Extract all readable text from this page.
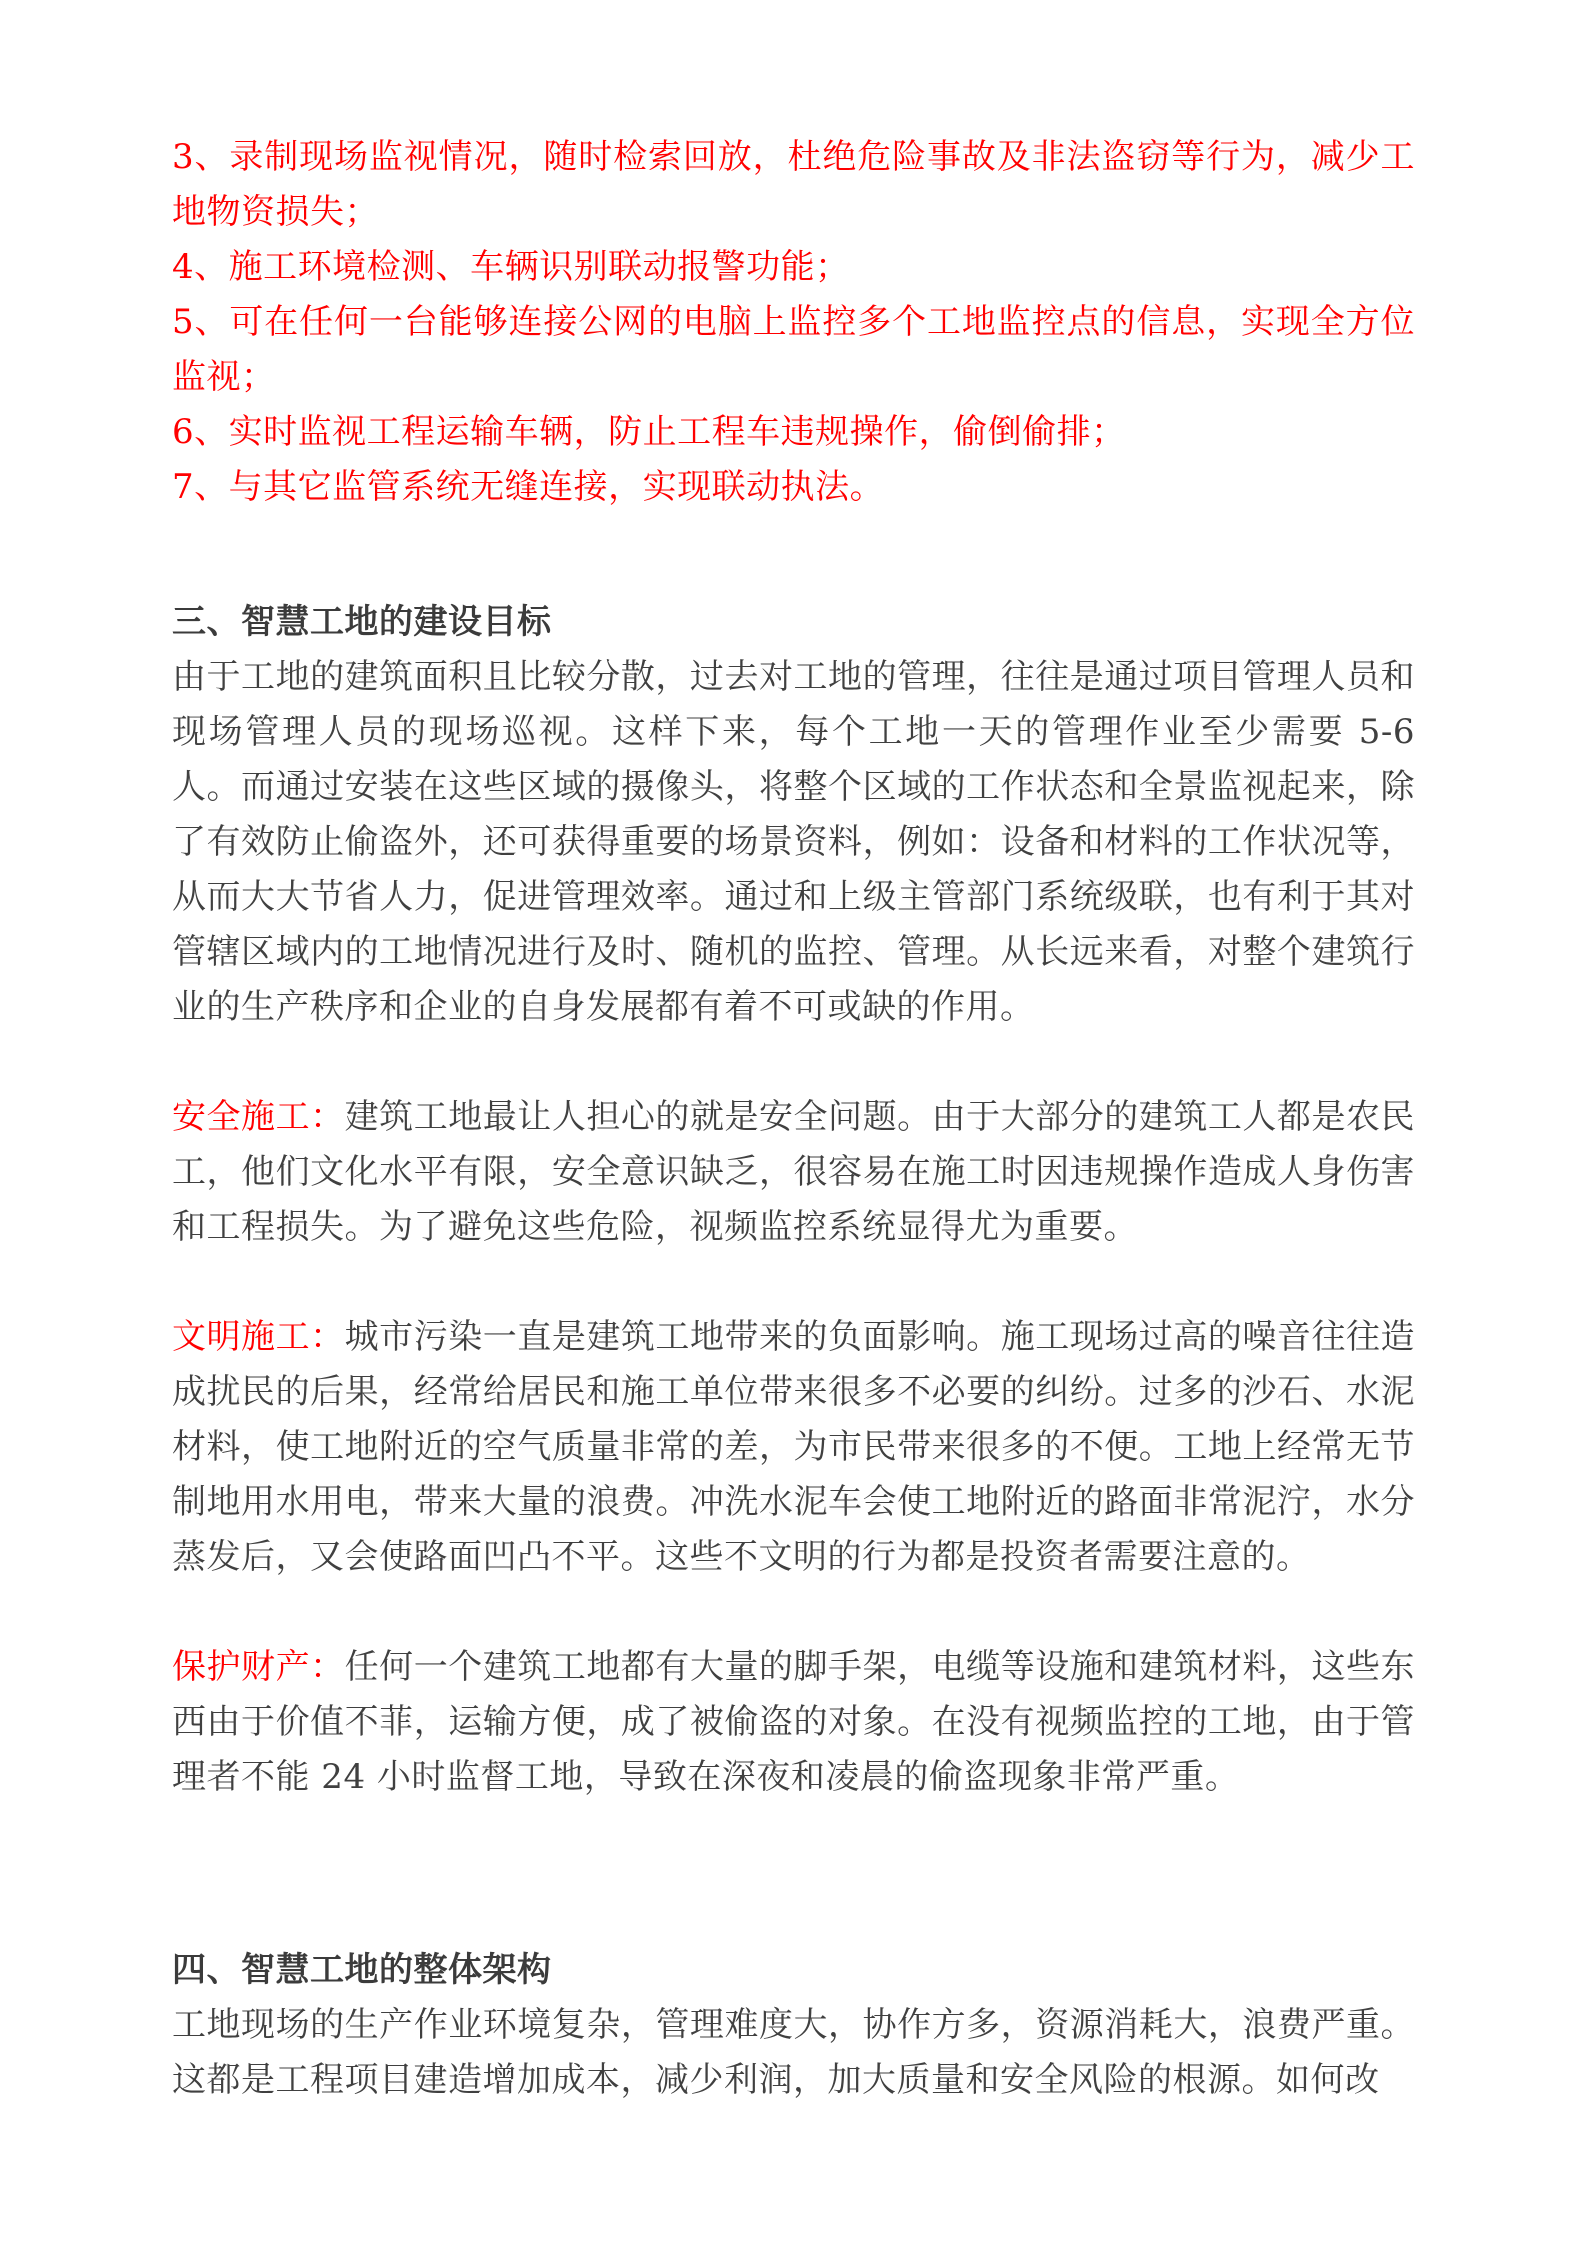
3、录制现场监视情况，随时检索回放，杜绝危险事故及非法盗窃等行为，减少工地物资损失；

4、施工环境检测、车辆识别联动报警功能；

5、可在任何一台能够连接公网的电脑上监控多个工地监控点的信息，实现全方位监视；

6、实时监视工程运输车辆，防止工程车违规操作，偷倒偷排；

7、与其它监管系统无缝连接，实现联动执法。

三、智慧工地的建设目标

由于工地的建筑面积且比较分散，过去对工地的管理，往往是通过项目管理人员和现场管理人员的现场巡视。这样下来，每个工地一天的管理作业至少需要 5-6 人。而通过安装在这些区域的摄像头，将整个区域的工作状态和全景监视起来，除了有效防止偷盗外，还可获得重要的场景资料，例如：设备和材料的工作状况等，从而大大节省人力，促进管理效率。通过和上级主管部门系统级联，也有利于其对管辖区域内的工地情况进行及时、随机的监控、管理。从长远来看，对整个建筑行业的生产秩序和企业的自身发展都有着不可或缺的作用。

安全施工：建筑工地最让人担心的就是安全问题。由于大部分的建筑工人都是农民工，他们文化水平有限，安全意识缺乏，很容易在施工时因违规操作造成人身伤害和工程损失。为了避免这些危险，视频监控系统显得尤为重要。

文明施工：城市污染一直是建筑工地带来的负面影响。施工现场过高的噪音往往造成扰民的后果，经常给居民和施工单位带来很多不必要的纠纷。过多的沙石、水泥材料，使工地附近的空气质量非常的差，为市民带来很多的不便。工地上经常无节制地用水用电，带来大量的浪费。冲洗水泥车会使工地附近的路面非常泥泞，水分蒸发后，又会使路面凹凸不平。这些不文明的行为都是投资者需要注意的。

保护财产：任何一个建筑工地都有大量的脚手架，电缆等设施和建筑材料，这些东西由于价值不菲，运输方便，成了被偷盗的对象。在没有视频监控的工地，由于管理者不能 24 小时监督工地，导致在深夜和凌晨的偷盗现象非常严重。

四、智慧工地的整体架构

工地现场的生产作业环境复杂，管理难度大，协作方多，资源消耗大，浪费严重。这都是工程项目建造增加成本，减少利润，加大质量和安全风险的根源。如何改
